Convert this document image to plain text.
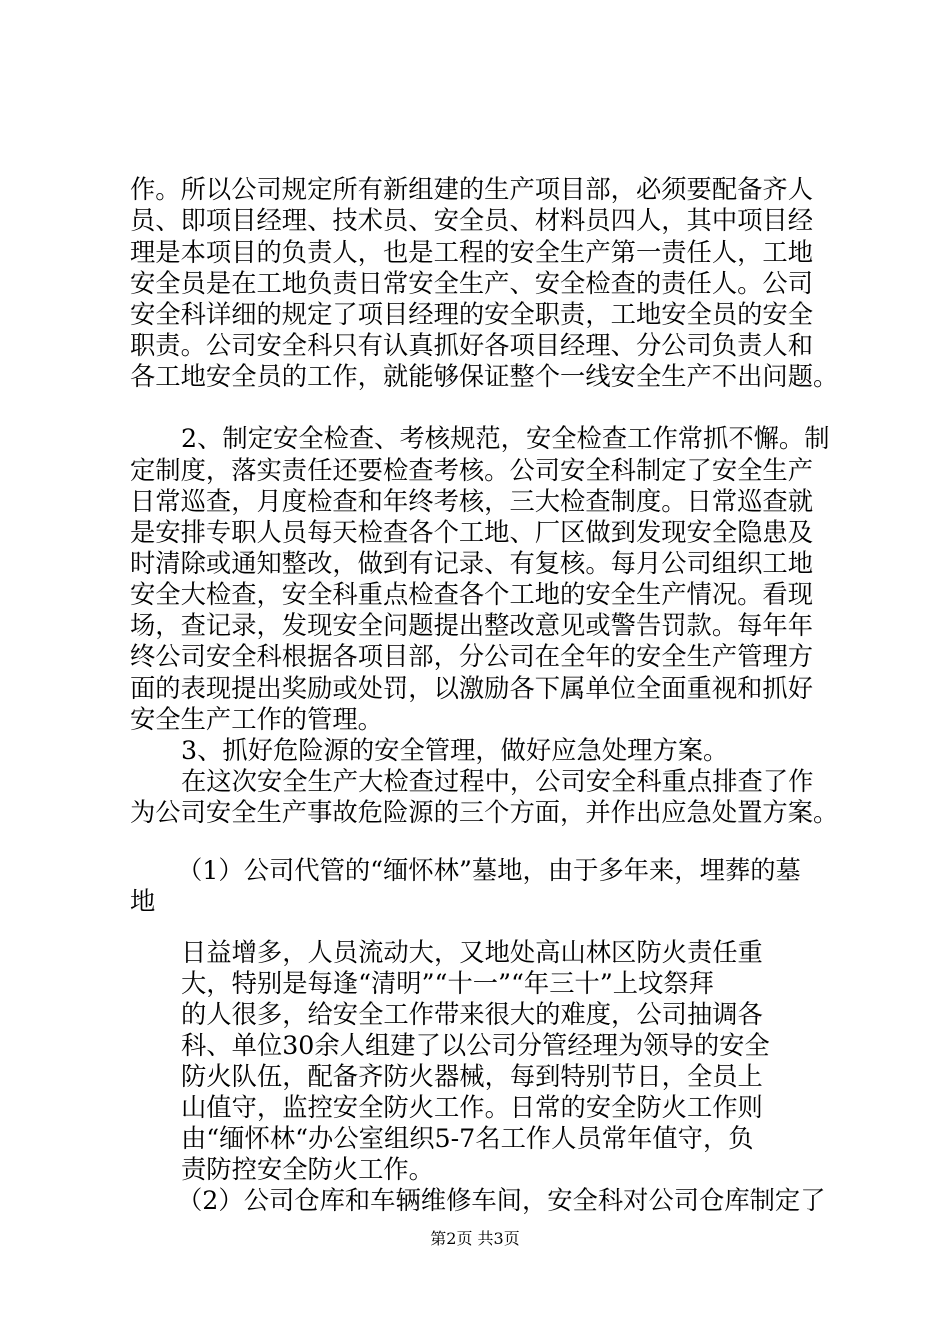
作。所以公司规定所有新组建的生产项目部，必须要配备齐人
员、即项目经理、技术员、安全员、材料员四人，其中项目经
理是本项目的负责人，也是工程的安全生产第一责任人，工地
安全员是在工地负责日常安全生产、安全检查的责任人。公司
安全科详细的规定了项目经理的安全职责，工地安全员的安全
职责。公司安全科只有认真抓好各项目经理、分公司负责人和
各工地安全员的工作，就能够保证整个一线安全生产不出问题。
2、制定安全检查、考核规范，安全检查工作常抓不懈。制
定制度，落实责任还要检查考核。公司安全科制定了安全生产
日常巡查，月度检查和年终考核，三大检查制度。日常巡查就
是安排专职人员每天检查各个工地、厂区做到发现安全隐患及
时清除或通知整改，做到有记录、有复核。每月公司组织工地
安全大检查，安全科重点检查各个工地的安全生产情况。看现
场，查记录，发现安全问题提出整改意见或警告罚款。每年年
终公司安全科根据各项目部，分公司在全年的安全生产管理方
面的表现提出奖励或处罚，以激励各下属单位全面重视和抓好
安全生产工作的管理。
3、抓好危险源的安全管理，做好应急处理方案。
在这次安全生产大检查过程中，公司安全科重点排查了作
为公司安全生产事故危险源的三个方面，并作出应急处置方案。
（1）公司代管的“缅怀林”墓地，由于多年来，埋葬的墓
地
日益增多，人员流动大，又地处高山林区防火责任重
大，特别是每逢“清明”“十一”“年三十”上坟祭拜
的人很多，给安全工作带来很大的难度，公司抽调各
科、单位30余人组建了以公司分管经理为领导的安全
防火队伍，配备齐防火器械，每到特别节日，全员上
山值守，监控安全防火工作。日常的安全防火工作则
由“缅怀林“办公室组织5-7名工作人员常年值守，负
责防控安全防火工作。
（2）公司仓库和车辆维修车间，安全科对公司仓库制定了
第2页 共3页
